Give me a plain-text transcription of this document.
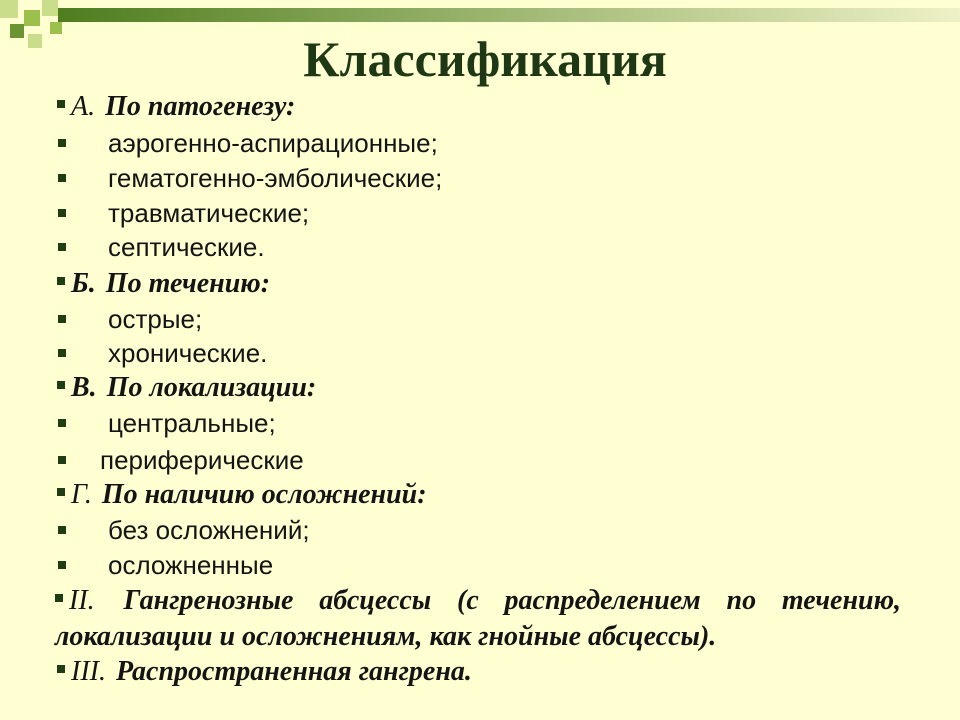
Классификация
А. По патогенезу:
аэрогенно-аспирационные;
гематогенно-эмболические;
травматические;
септические.
Б. По течению:
острые;
хронические.
В. По локализации:
центральные;
периферические
Г. По наличию осложнений:
без осложнений;
осложненные
II. Гангренозные абсцессы (с распределением по течению, локализации и осложнениям, как гнойные абсцессы).
III. Распространенная гангрена.
